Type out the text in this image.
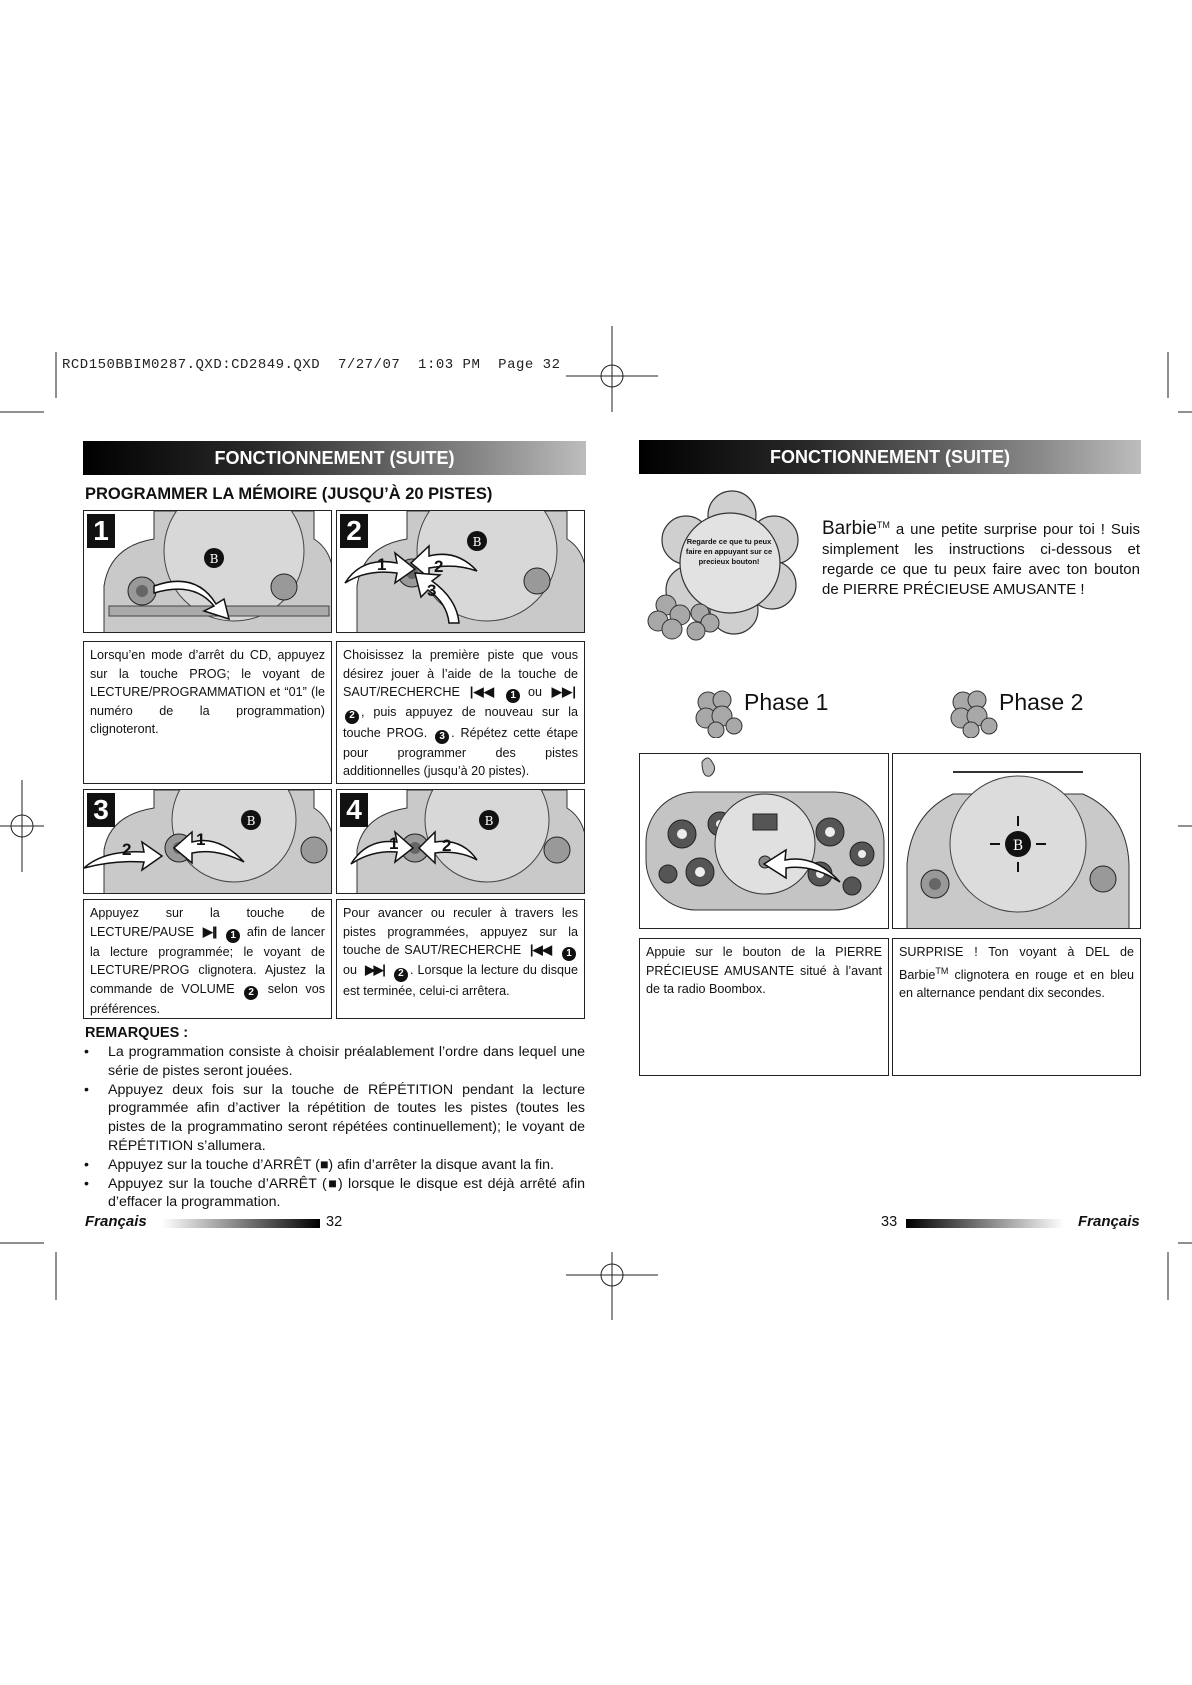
RCD150BBIM0287.QXD:CD2849.QXD  7/27/07  1:03 PM  Page 32
FONCTIONNEMENT (SUITE)
PROGRAMMER LA MÉMOIRE (JUSQU’À 20 PISTES)
B
1	B
2
1	2
3
Lorsqu’en mode d’arrêt du CD, appuyez sur la touche PROG; le voyant de LECTURE/PROGRAMMATION et “01” (le numéro de la programmation) clignoteront.
Choisissez la première piste que vous désirez jouer à l’aide de la touche de SAUT/RECHERCHE |◀◀ 1 ou ▶▶| 2 , puis appuyez de nouveau sur la touche PROG. 3 . Répétez cette étape pour programmer des pistes additionnelles (jusqu’à 20 pistes).
B
3
1
2
B
4
1	2
Appuyez sur la touche de LECTURE/PAUSE ▶|| 1 afin de lancer la lecture programmée; le voyant de LECTURE/PROG clignotera. Ajustez la commande de VOLUME 2 selon vos préférences.
Pour avancer ou reculer à travers les pistes programmées, appuyez sur la touche de SAUT/RECHERCHE |◀◀ 1 ou ▶▶| 2 . Lorsque la lecture du disque est terminée, celui-ci arrêtera.
REMARQUES :
• La programmation consiste à choisir préalablement l’ordre dans lequel une série de pistes seront jouées.
• Appuyez deux fois sur la touche de RÉPÉTITION pendant la lecture programmée afin d’activer la répétition de toutes les pistes (toutes les pistes de la programmatino seront répétées continuellement); le voyant de RÉPÉTITION s’allumera.
• Appuyez sur la touche d’ARRÊT (■) afin d’arrêter la disque avant la fin.
• Appuyez sur la touche d’ARRÊT (■) lorsque le disque est déjà arrêté afin d’effacer la programmation.
Français	32
FONCTIONNEMENT (SUITE)
Regarde ce que tu peux faire en appuyant sur ce precieux bouton!
Barbie™ a une petite surprise pour toi ! Suis simplement les instructions ci-dessous et regarde ce que tu peux faire avec ton bouton de PIERRE PRÉCIEUSE AMUSANTE !
Phase 1	Phase 2
B
Appuie sur le bouton de la PIERRE PRÉCIEUSE AMUSANTE situé à l’avant de ta radio Boombox.
SURPRISE ! Ton voyant à DEL de Barbie™ clignotera en rouge et en bleu en alternance pendant dix secondes.
33	Français
